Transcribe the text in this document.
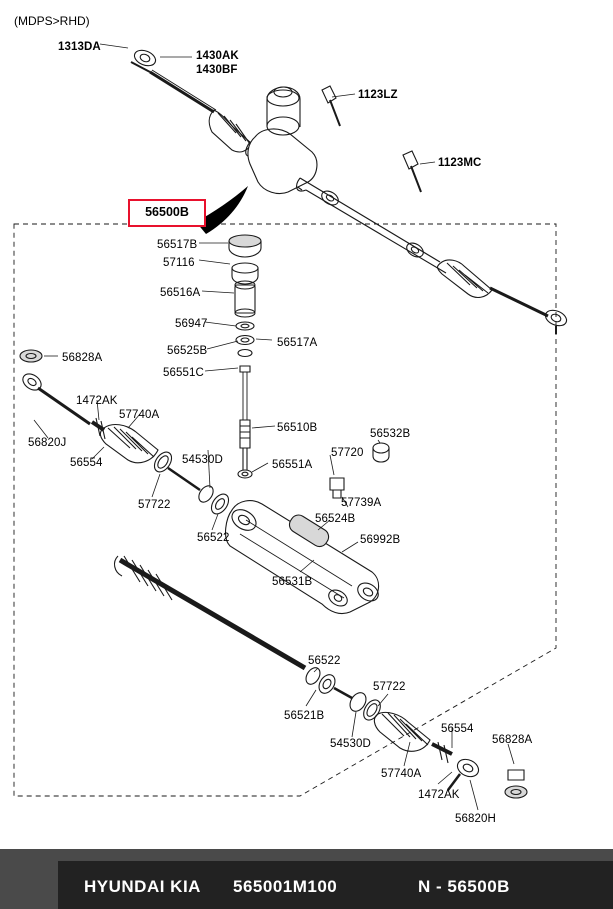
(MDPS>RHD)
56500B
1313DA
1430AK
1430BF
1123LZ
1123MC
56517B
57116
56516A
56947
56517A
56525B
56551C
56828A
1472AK
57740A
56510B	56532B
56820J
56554
57720
54530D	56551A
57739A
57722
56524B
56992B
56522
56531B
56522
57722
56521B
56554
56828A
54530D
57740A
1472AK
56820H
HYUNDAI KIA 565001M100	N - 56500B
